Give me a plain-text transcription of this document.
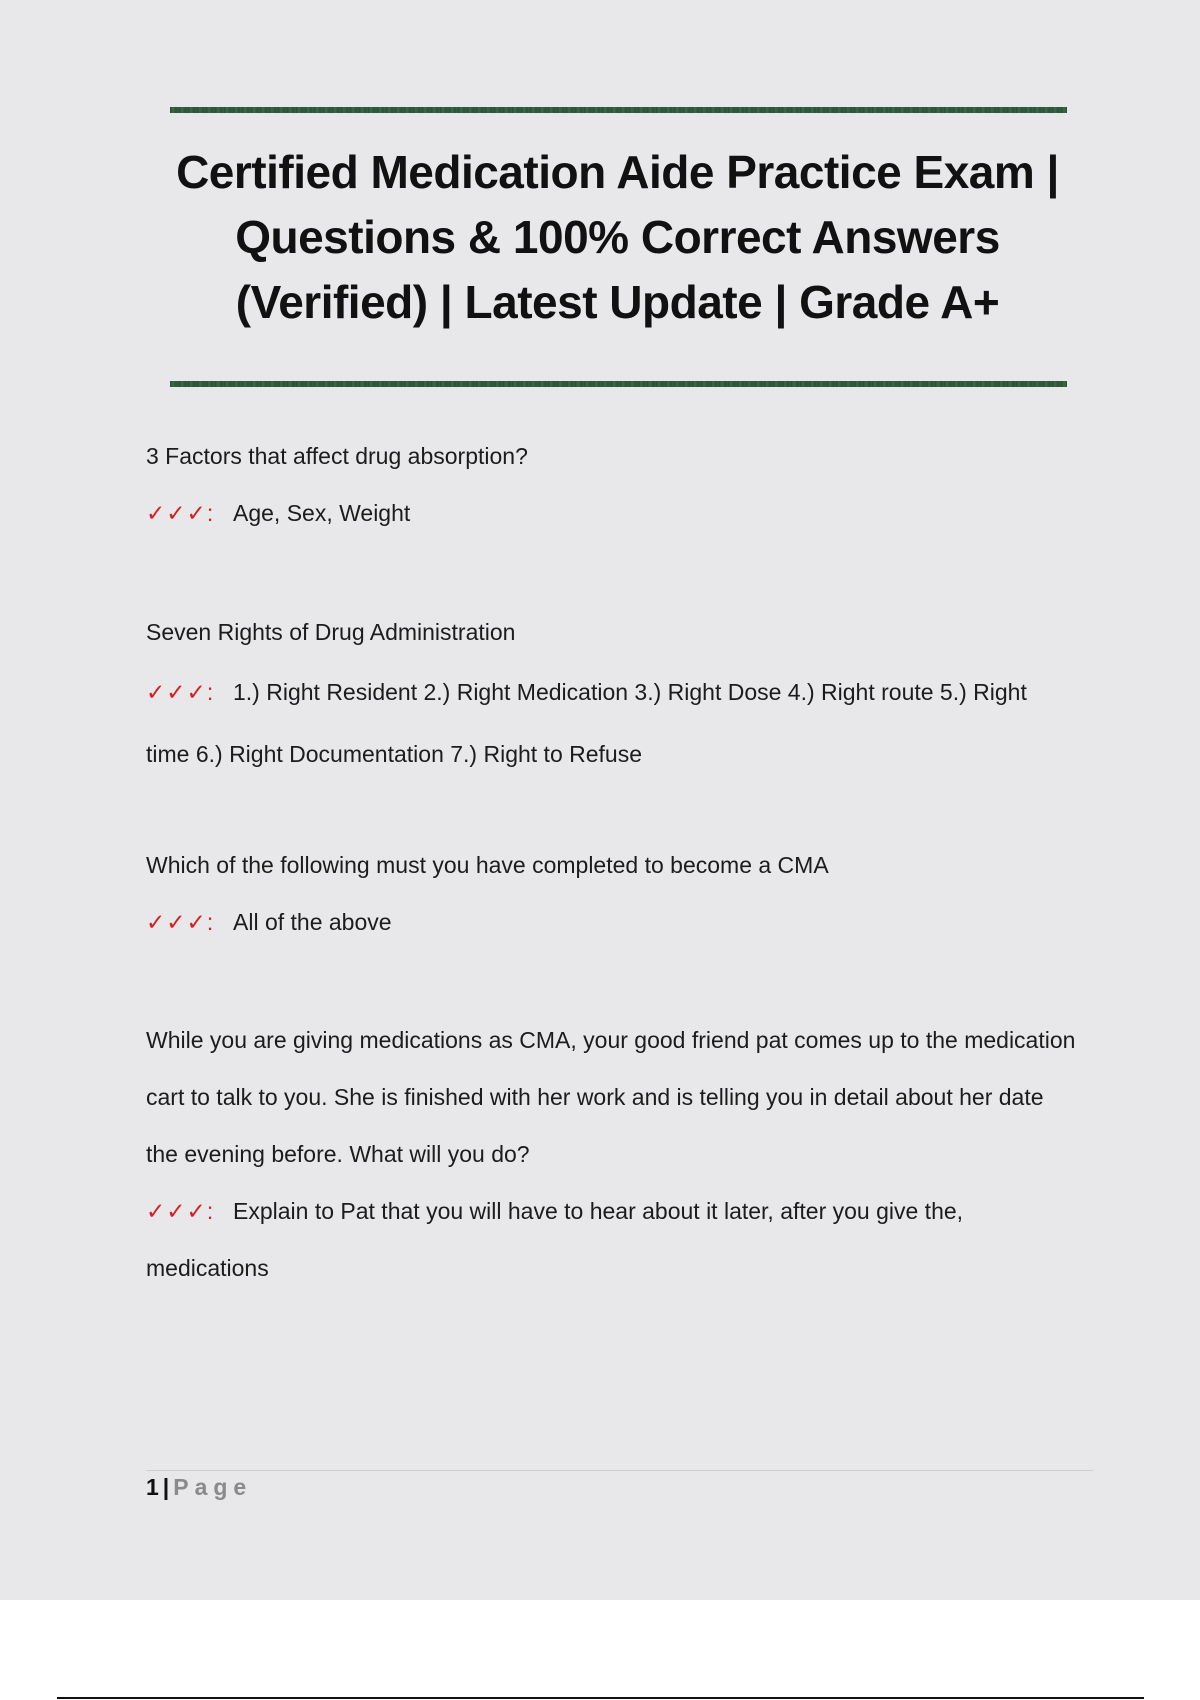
Certified Medication Aide Practice Exam |
Questions & 100% Correct Answers
(Verified) | Latest Update | Grade A+
3 Factors that affect drug absorption?
✓✓✓: Age, Sex, Weight
Seven Rights of Drug Administration
✓✓✓: 1.) Right Resident 2.) Right Medication 3.) Right Dose 4.) Right route 5.) Right time 6.) Right Documentation 7.) Right to Refuse
Which of the following must you have completed to become a CMA
✓✓✓: All of the above
While you are giving medications as CMA, your good friend pat comes up to the medication cart to talk to you. She is finished with her work and is telling you in detail about her date the evening before. What will you do?
✓✓✓: Explain to Pat that you will have to hear about it later, after you give the, medications
1 | Page
